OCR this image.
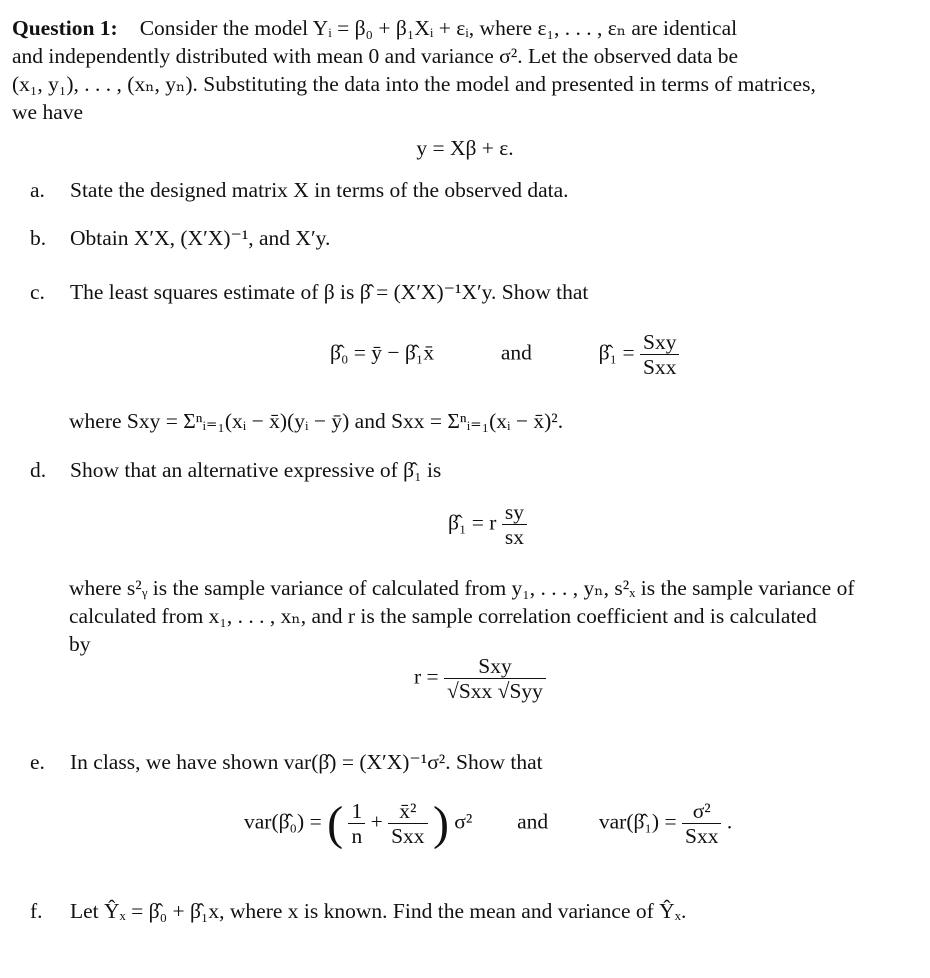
Question 1: Consider the model Yᵢ = β₀ + β₁Xᵢ + εᵢ, where ε₁, . . . , εₙ are identical
and independently distributed with mean 0 and variance σ². Let the observed data be
(x₁, y₁), . . . , (xₙ, yₙ). Substituting the data into the model and presented in terms of matrices,
we have
y = Xβ + ε.
a. State the designed matrix X in terms of the observed data.
b. Obtain X′X, (X′X)⁻¹, and X′y.
c. The least squares estimate of β is β̂ = (X′X)⁻¹X′y. Show that
β̂₀ = ȳ − β̂₁x̄	and	β̂₁ = $\frac{\text{Sxy}}{\text{Sxx}}$
where Sxy = Σⁿᵢ₌₁(xᵢ − x̄)(yᵢ − ȳ) and Sxx = Σⁿᵢ₌₁(xᵢ − x̄)².
d. Show that an alternative expressive of β̂₁ is
β̂₁ = r $\frac{sy}{sx}$
where s²ᵧ is the sample variance of calculated from y₁, . . . , yₙ, s²ₓ is the sample variance of
calculated from x₁, . . . , xₙ, and r is the sample correlation coefficient and is calculated
by
$r = \frac{\text{Sxy}}{\text{√Sxx √Syy}}$
e. In class, we have shown var(β̂) = (X′X)⁻¹σ². Show that
var(β̂₀) = ( $\frac{1}{n} + \frac{\text{x̄²}}{\text{Sxx}}$ ) σ² and var(β̂₁) = $\frac{\text{σ²}}{\text{Sxx}}$ .
f. Let Ŷₓ = β̂₀ + β̂₁x, where x is known. Find the mean and variance of Ŷₓ.
